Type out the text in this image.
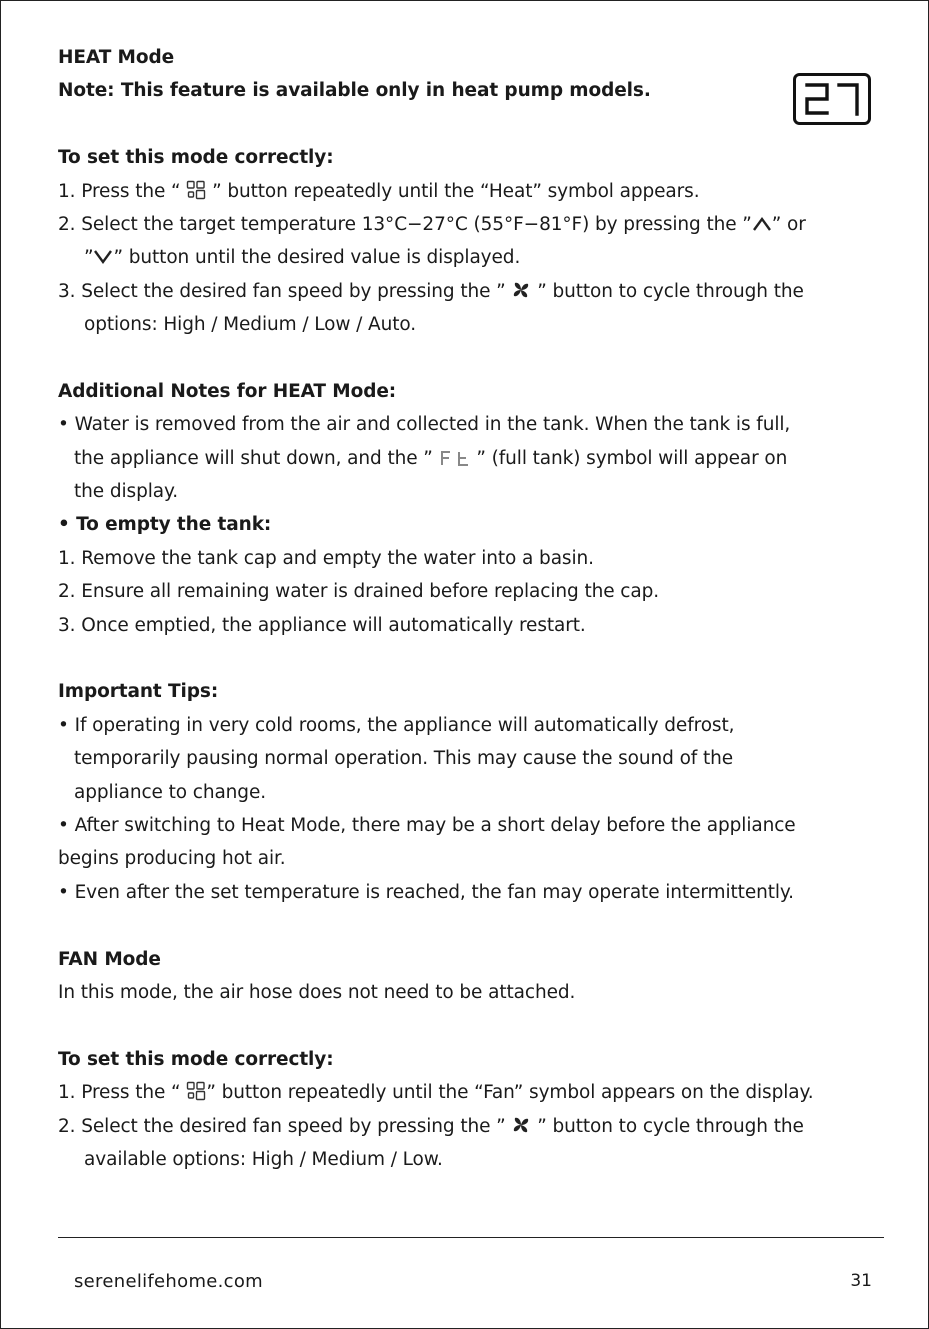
HEAT Mode
Note: This feature is available only in heat pump models.
To set this mode correctly:
1. Press the “  ” button repeatedly until the “Heat” symbol appears.
2. Select the target temperature 13°C−27°C (55°F−81°F) by pressing the ” ” or
” ” button until the desired value is displayed.
3. Select the desired fan speed by pressing the ”  ” button to cycle through the
options: High / Medium / Low / Auto.
Additional Notes for HEAT Mode:
• Water is removed from the air and collected in the tank. When the tank is full,
the appliance will shut down, and the ”  ” (full tank) symbol will appear on
the display.
• To empty the tank:
1. Remove the tank cap and empty the water into a basin.
2. Ensure all remaining water is drained before replacing the cap.
3. Once emptied, the appliance will automatically restart.
Important Tips:
• If operating in very cold rooms, the appliance will automatically defrost,
temporarily pausing normal operation. This may cause the sound of the
appliance to change.
• After switching to Heat Mode, there may be a short delay before the appliance
begins producing hot air.
• Even after the set temperature is reached, the fan may operate intermittently.
FAN Mode
In this mode, the air hose does not need to be attached.
To set this mode correctly:
1. Press the “ ” button repeatedly until the “Fan” symbol appears on the display.
2. Select the desired fan speed by pressing the ”  ” button to cycle through the
available options: High / Medium / Low.
serenelifehome.com	31
